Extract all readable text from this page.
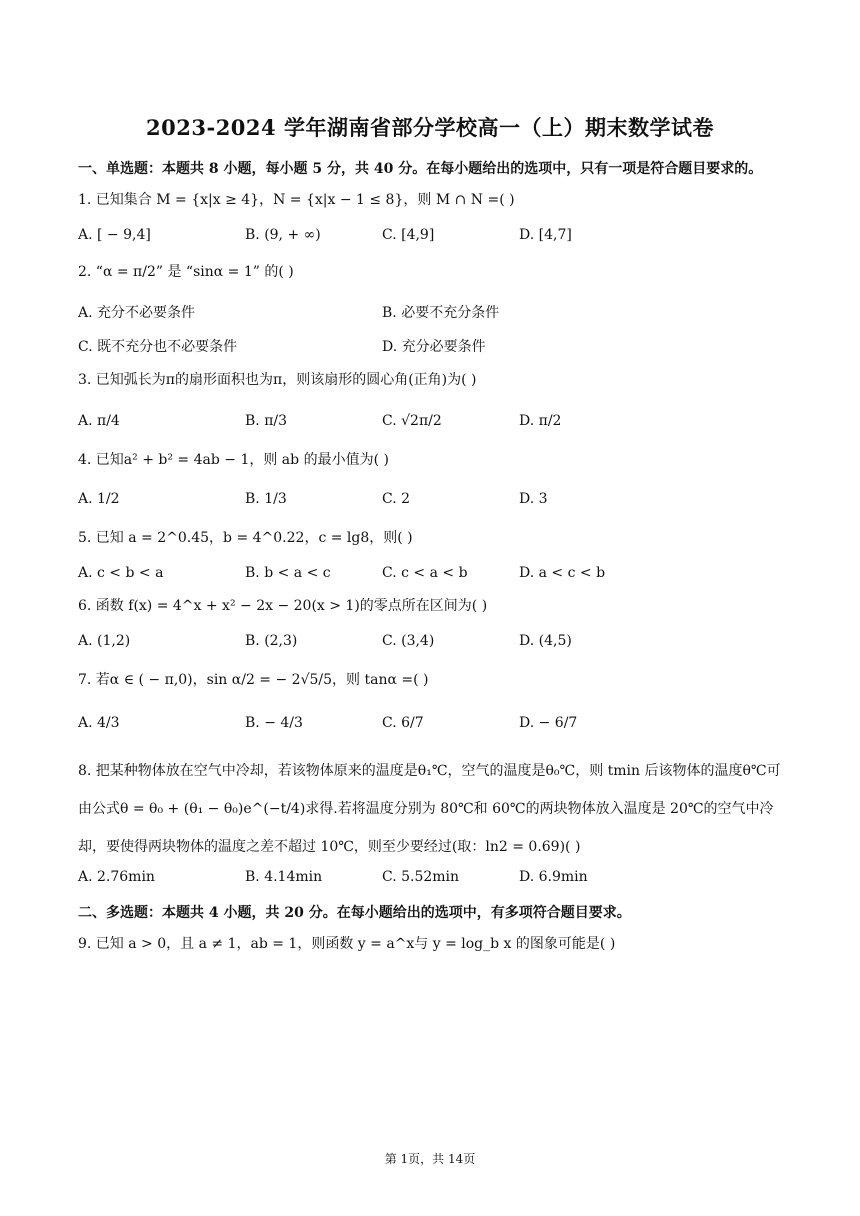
2023-2024 学年湖南省部分学校高一（上）期末数学试卷
一、单选题：本题共 8 小题，每小题 5 分，共 40 分。在每小题给出的选项中，只有一项是符合题目要求的。
1. 已知集合 M = {x|x ≥ 4}，N = {x|x − 1 ≤ 8}，则 M ∩ N =( )
A. [ − 9,4]	B. (9, + ∞)	C. [4,9]	D. [4,7]
2. “α = π/2” 是 “sinα = 1” 的( )
A. 充分不必要条件	B. 必要不充分条件
C. 既不充分也不必要条件	D. 充分必要条件
3. 已知弧长为π的扇形面积也为π，则该扇形的圆心角(正角)为( )
A. π/4	B. π/3	C. √2π/2	D. π/2
4. 已知a² + b² = 4ab − 1，则 ab 的最小值为( )
A. 1/2	B. 1/3	C. 2	D. 3
5. 已知 a = 2^0.45，b = 4^0.22，c = lg8，则( )
A. c < b < a	B. b < a < c	C. c < a < b	D. a < c < b
6. 函数 f(x) = 4^x + x² − 2x − 20(x > 1)的零点所在区间为( )
A. (1,2)	B. (2,3)	C. (3,4)	D. (4,5)
7. 若α ∈ ( − π,0)，sin α/2 = − 2√5/5，则 tanα =( )
A. 4/3	B. − 4/3	C. 6/7	D. − 6/7
8. 把某种物体放在空气中冷却，若该物体原来的温度是θ₁℃，空气的温度是θ₀℃，则 tmin 后该物体的温度θ℃可由公式θ = θ₀ + (θ₁ − θ₀)e^(−t/4)求得.若将温度分别为 80℃和 60℃的两块物体放入温度是 20℃的空气中冷却，要使得两块物体的温度之差不超过 10℃，则至少要经过(取：ln2 = 0.69)( )
A. 2.76min	B. 4.14min	C. 5.52min	D. 6.9min
二、多选题：本题共 4 小题，共 20 分。在每小题给出的选项中，有多项符合题目要求。
9. 已知 a > 0，且 a ≠ 1，ab = 1，则函数 y = a^x与 y = log_b x 的图象可能是( )
第 1页，共 14页
